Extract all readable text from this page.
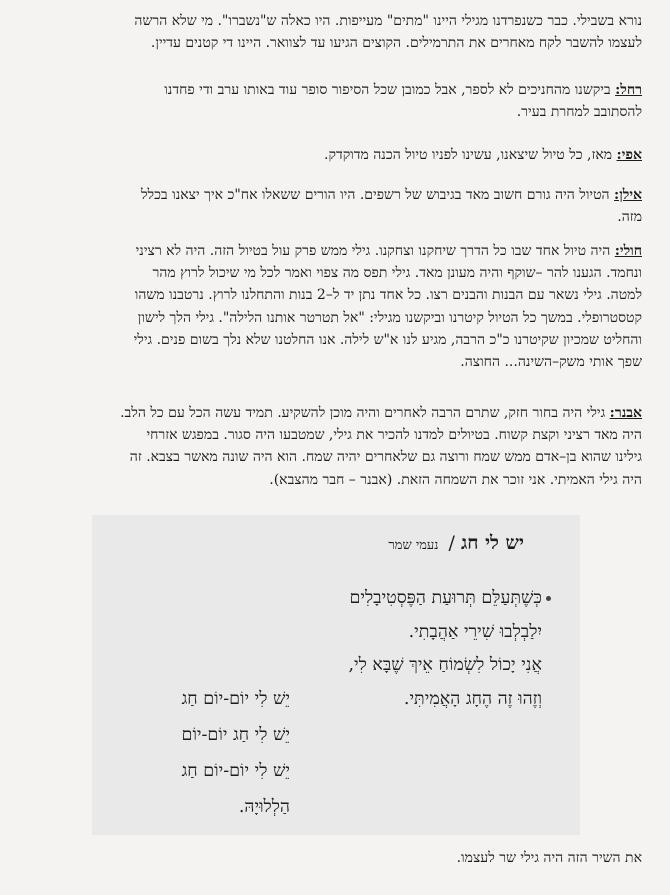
נורא בשבילי. כבר כשנפרדנו מגילי היינו "מתים" מעייפות. היו כאלה ש"נשברו". מי שלא הרשה
לעצמו להשבר לקח מאחרים את התרמילים. הקוצים הגיעו עד לצוואר. היינו די קטנים עדיין.

רחל: ביקשנו מהחניכים לא לספר, אבל כמובן שכל הסיפור סופר עוד באותו ערב ודי פחדנו
להסתובב למחרת בעיר.

אפי: מאז, כל טיול שיצאנו, עשינו לפניו טיול הכנה מדוקדק.

אילן: הטיול היה גורם חשוב מאד בגיבוש של רשפים. היו הורים ששאלו אח"כ איך יצאנו בכלל
מזה.

חולי: היה טיול אחד שבו כל הדרך שיחקנו וצחקנו. גילי ממש פרק עול בטיול הזה. היה לא רציני
ונחמד. הגענו להר –שוקף והיה מעונן מאד. גילי תפס מה צפוי ואמר לכל מי שיכול לרוץ מהר
למטה. גילי נשאר עם הבנות והבנים רצו. כל אחד נתן יד ל–2 בנות והתחלנו לרוץ. נרטבנו משהו
קטסטרופלי. במשך כל הטיול קיטרנו וביקשנו מגילי: "אל תטרטר אותנו הלילה". גילי הלך לישון
והחליט שמכיון שקיטרנו כ"כ הרבה, מגיע לנו א"ש לילה. אנו החלטנו שלא נלך בשום פנים. גילי
שפך אותי משק–השינה... החוצה.

אבנר: גילי היה בחור חזק, שתרם הרבה לאחרים והיה מוכן להשקיע. תמיד עשה הכל עם כל הלב.
היה מאד רציני וקצת קשוח. בטיולים למדנו להכיר את גילי, שמטבעו היה סגור. במפגש אזרחי
גילינו שהוא בן–אדם ממש שמח ורוצה גם שלאחרים יהיה שמח. הוא היה שונה מאשר בצבא. זה
היה גילי האמיתי. אני זוכר את השמחה הזאת. (אבנר – חבר מהצבא).

יש לי חג/נעמי שמר
כְּשֶׁתְּעַלֵּם תְּרוּעַת הַפֶּסְטִיבָלִים
יִלַבְלְבוּ שִׁירֵי אַהֲבָתִי.
אֲנִי יָכוֹל לִשְׂמוֹחַ אֵיךְ שֶׁבָּא לִי,
וְזֶהוּ זֶה הֶחָג הָאֲמִיתִּי.
יֵשׁ לִי יוֹם-יוֹם חַג
יֵשׁ לִי חַג יוֹם-יוֹם
יֵשׁ לִי יוֹם-יוֹם חַג
הַלְלוּיָהּ.
את השיר הזה היה גילי שר לעצמו.
